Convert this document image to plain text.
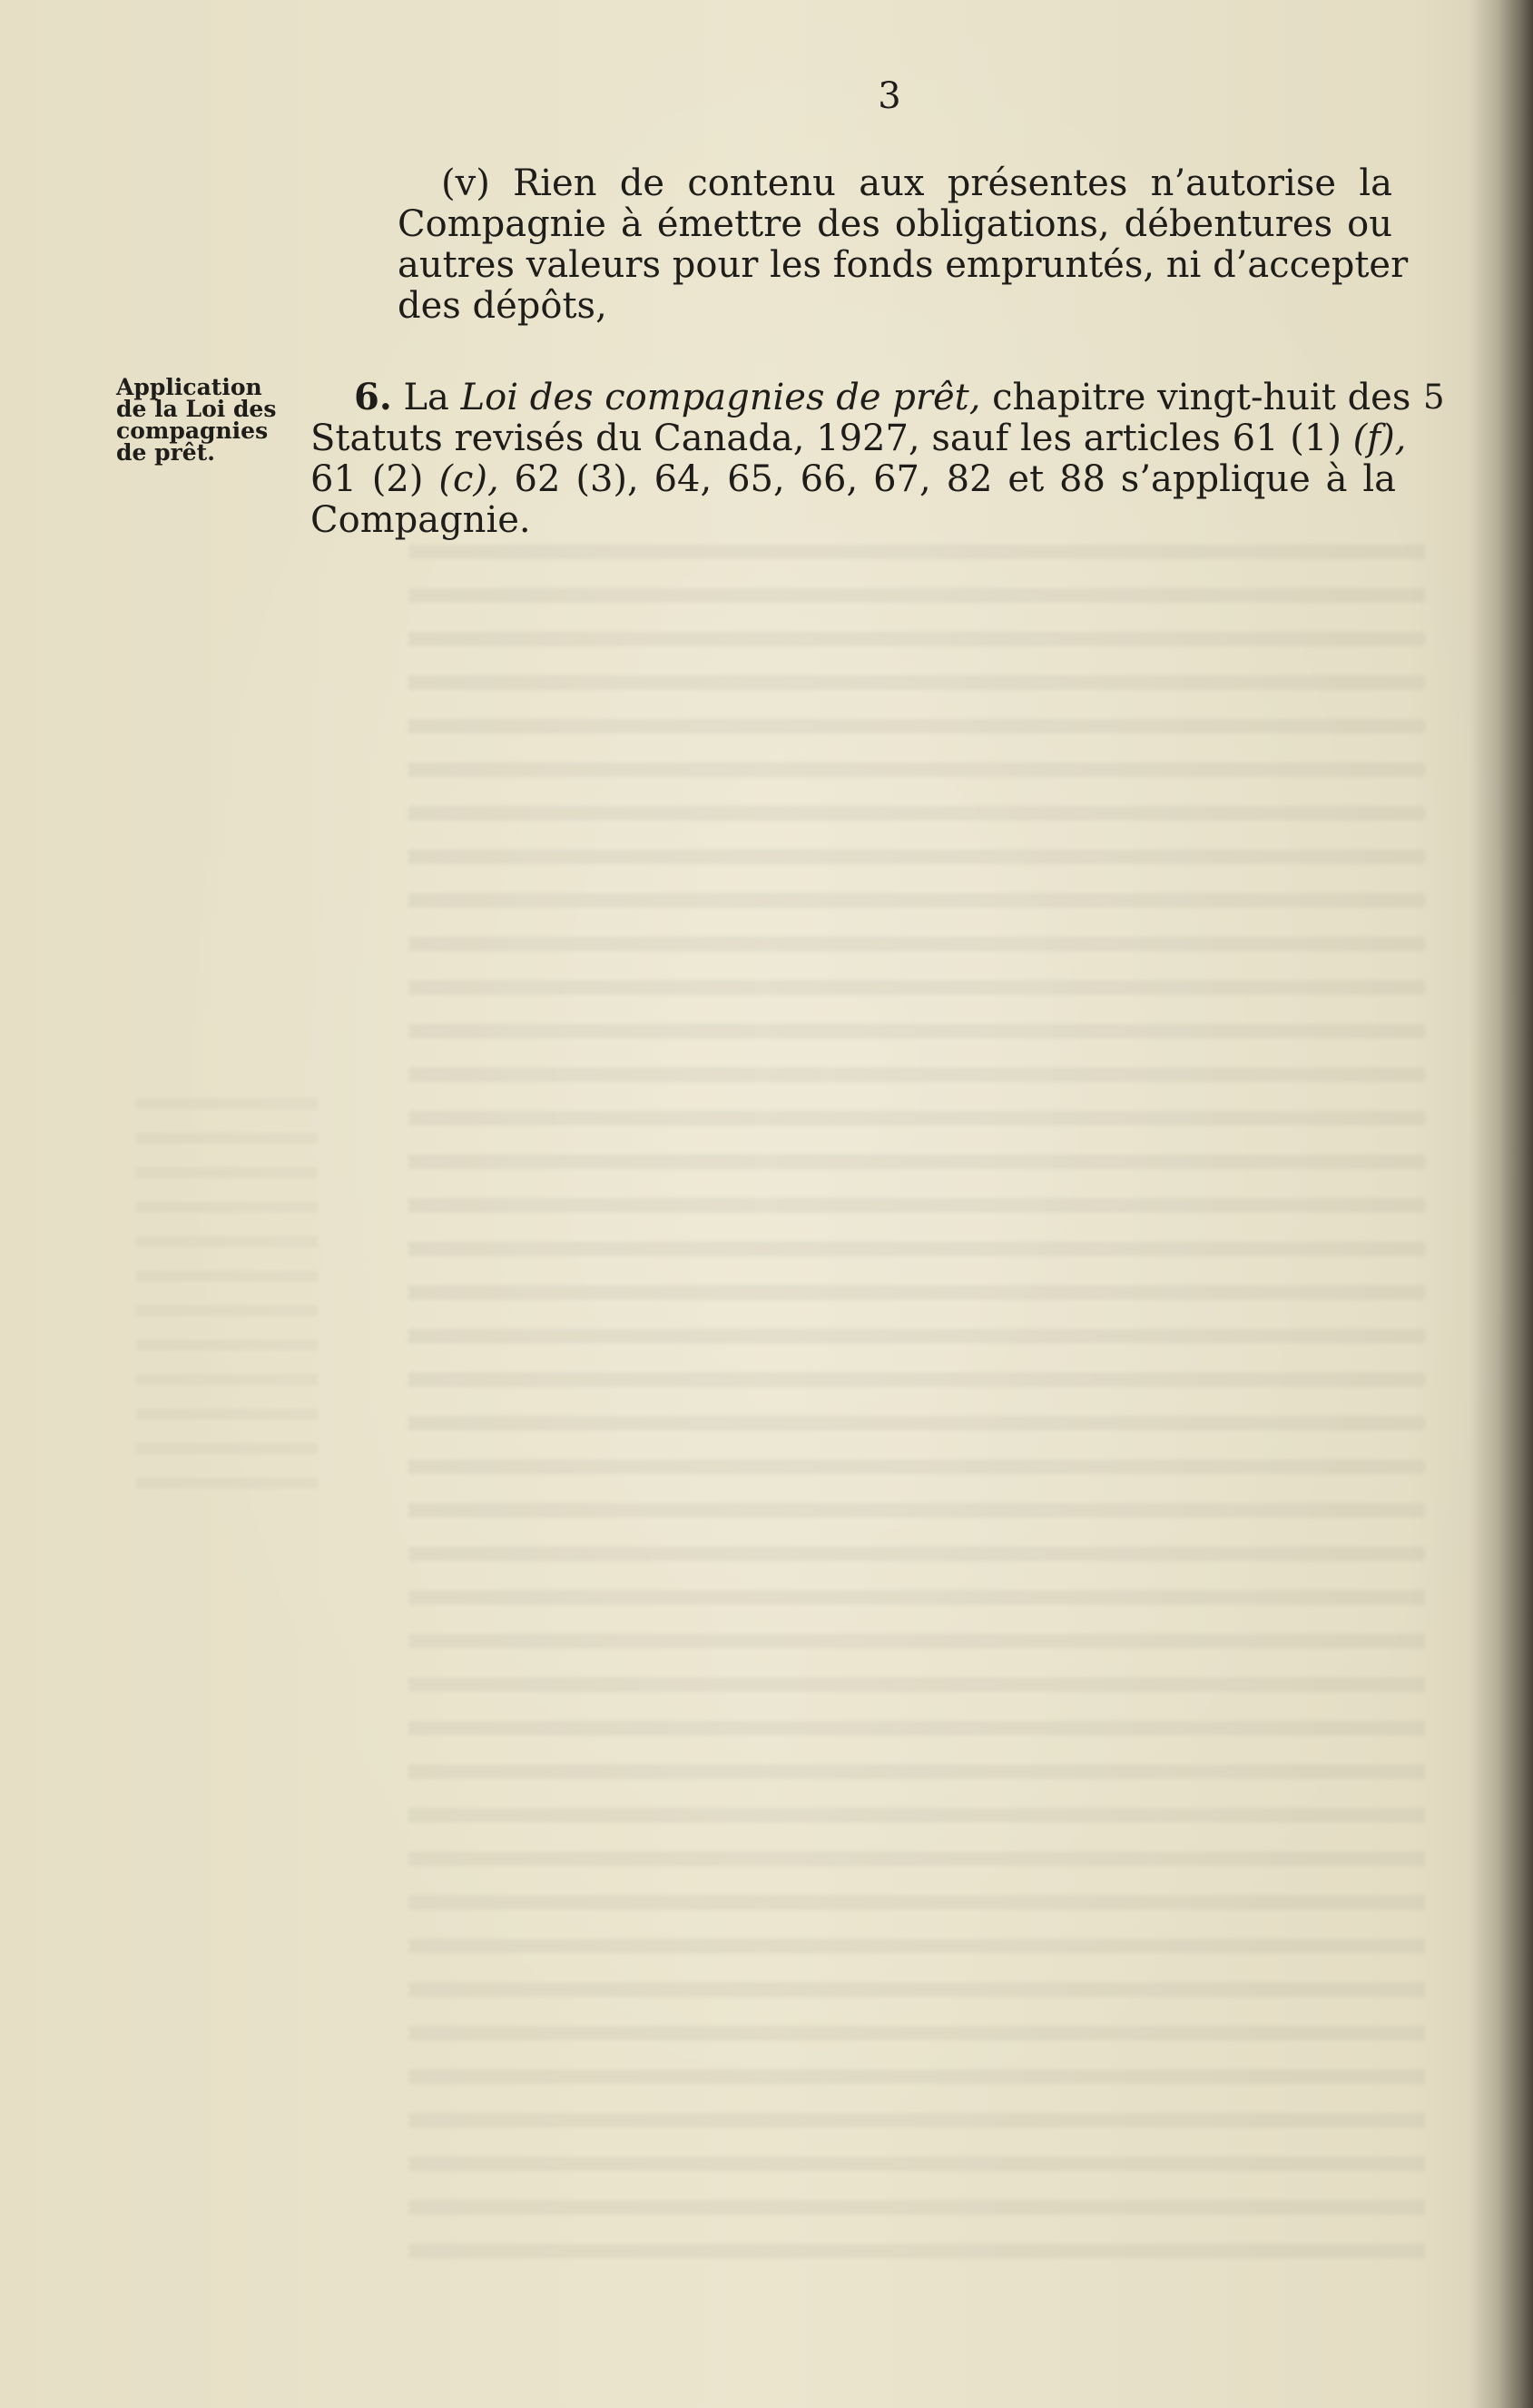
3
(v) Rien de contenu aux présentes n’autorise la
Compagnie à émettre des obligations, débentures ou
autres valeurs pour les fonds empruntés, ni d’accepter
des dépôts,
Application
de la Loi des
compagnies
de prêt.
6. La Loi des compagnies de prêt, chapitre vingt-huit des
Statuts revisés du Canada, 1927, sauf les articles 61 (1) (f),
61 (2) (c), 62 (3), 64, 65, 66, 67, 82 et 88 s’applique à la
Compagnie.
5
